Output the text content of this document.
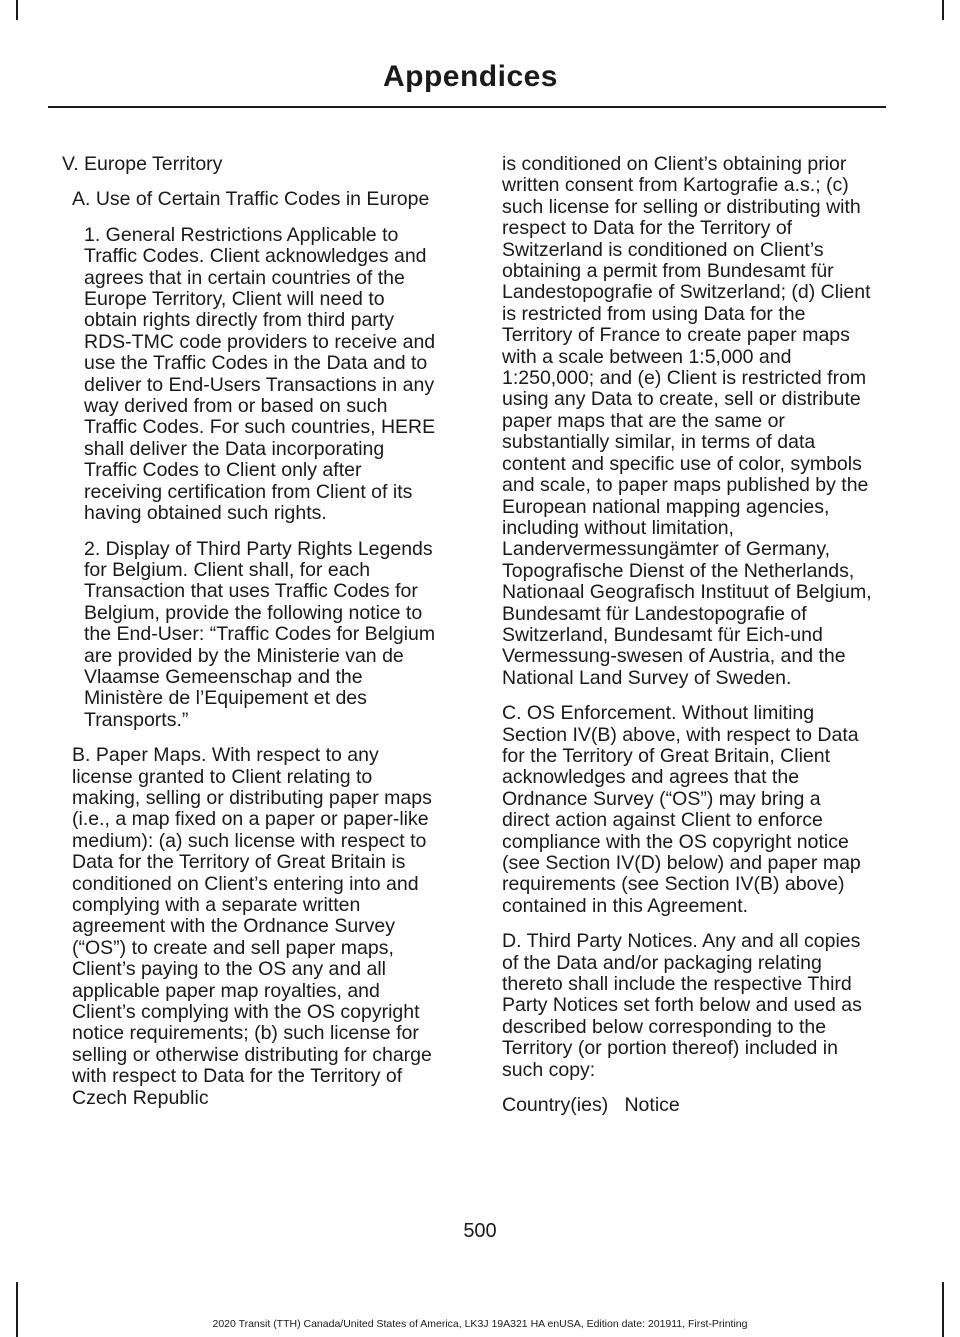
Appendices

V. Europe Territory

A. Use of Certain Traffic Codes in Europe

1. General Restrictions Applicable to Traffic Codes. Client acknowledges and agrees that in certain countries of the Europe Territory, Client will need to obtain rights directly from third party RDS-TMC code providers to receive and use the Traffic Codes in the Data and to deliver to End-Users Transactions in any way derived from or based on such Traffic Codes. For such countries, HERE shall deliver the Data incorporating Traffic Codes to Client only after receiving certification from Client of its having obtained such rights.

2. Display of Third Party Rights Legends for Belgium. Client shall, for each Transaction that uses Traffic Codes for Belgium, provide the following notice to the End-User: “Traffic Codes for Belgium are provided by the Ministerie van de Vlaamse Gemeenschap and the Ministère de l’Equipement et des Transports.”

B. Paper Maps. With respect to any license granted to Client relating to making, selling or distributing paper maps (i.e., a map fixed on a paper or paper-like medium): (a) such license with respect to Data for the Territory of Great Britain is conditioned on Client’s entering into and complying with a separate written agreement with the Ordnance Survey (“OS”) to create and sell paper maps, Client’s paying to the OS any and all applicable paper map royalties, and Client’s complying with the OS copyright notice requirements; (b) such license for selling or otherwise distributing for charge with respect to Data for the Territory of Czech Republic

is conditioned on Client’s obtaining prior written consent from Kartografie a.s.; (c) such license for selling or distributing with respect to Data for the Territory of Switzerland is conditioned on Client’s obtaining a permit from Bundesamt für Landestopografie of Switzerland; (d) Client is restricted from using Data for the Territory of France to create paper maps with a scale between 1:5,000 and 1:250,000; and (e) Client is restricted from using any Data to create, sell or distribute paper maps that are the same or substantially similar, in terms of data content and specific use of color, symbols and scale, to paper maps published by the European national mapping agencies, including without limitation, Landervermessungämter of Germany, Topografische Dienst of the Netherlands, Nationaal Geografisch Instituut of Belgium, Bundesamt für Landestopografie of Switzerland, Bundesamt für Eich-und Vermessung-swesen of Austria, and the National Land Survey of Sweden.

C. OS Enforcement. Without limiting Section IV(B) above, with respect to Data for the Territory of Great Britain, Client acknowledges and agrees that the Ordnance Survey (“OS”) may bring a direct action against Client to enforce compliance with the OS copyright notice (see Section IV(D) below) and paper map requirements (see Section IV(B) above) contained in this Agreement.

D. Third Party Notices. Any and all copies of the Data and/or packaging relating thereto shall include the respective Third Party Notices set forth below and used as described below corresponding to the Territory (or portion thereof) included in such copy:

Country(ies) Notice

500
2020 Transit (TTH) Canada/United States of America, LK3J 19A321 HA enUSA, Edition date: 201911, First-Printing
